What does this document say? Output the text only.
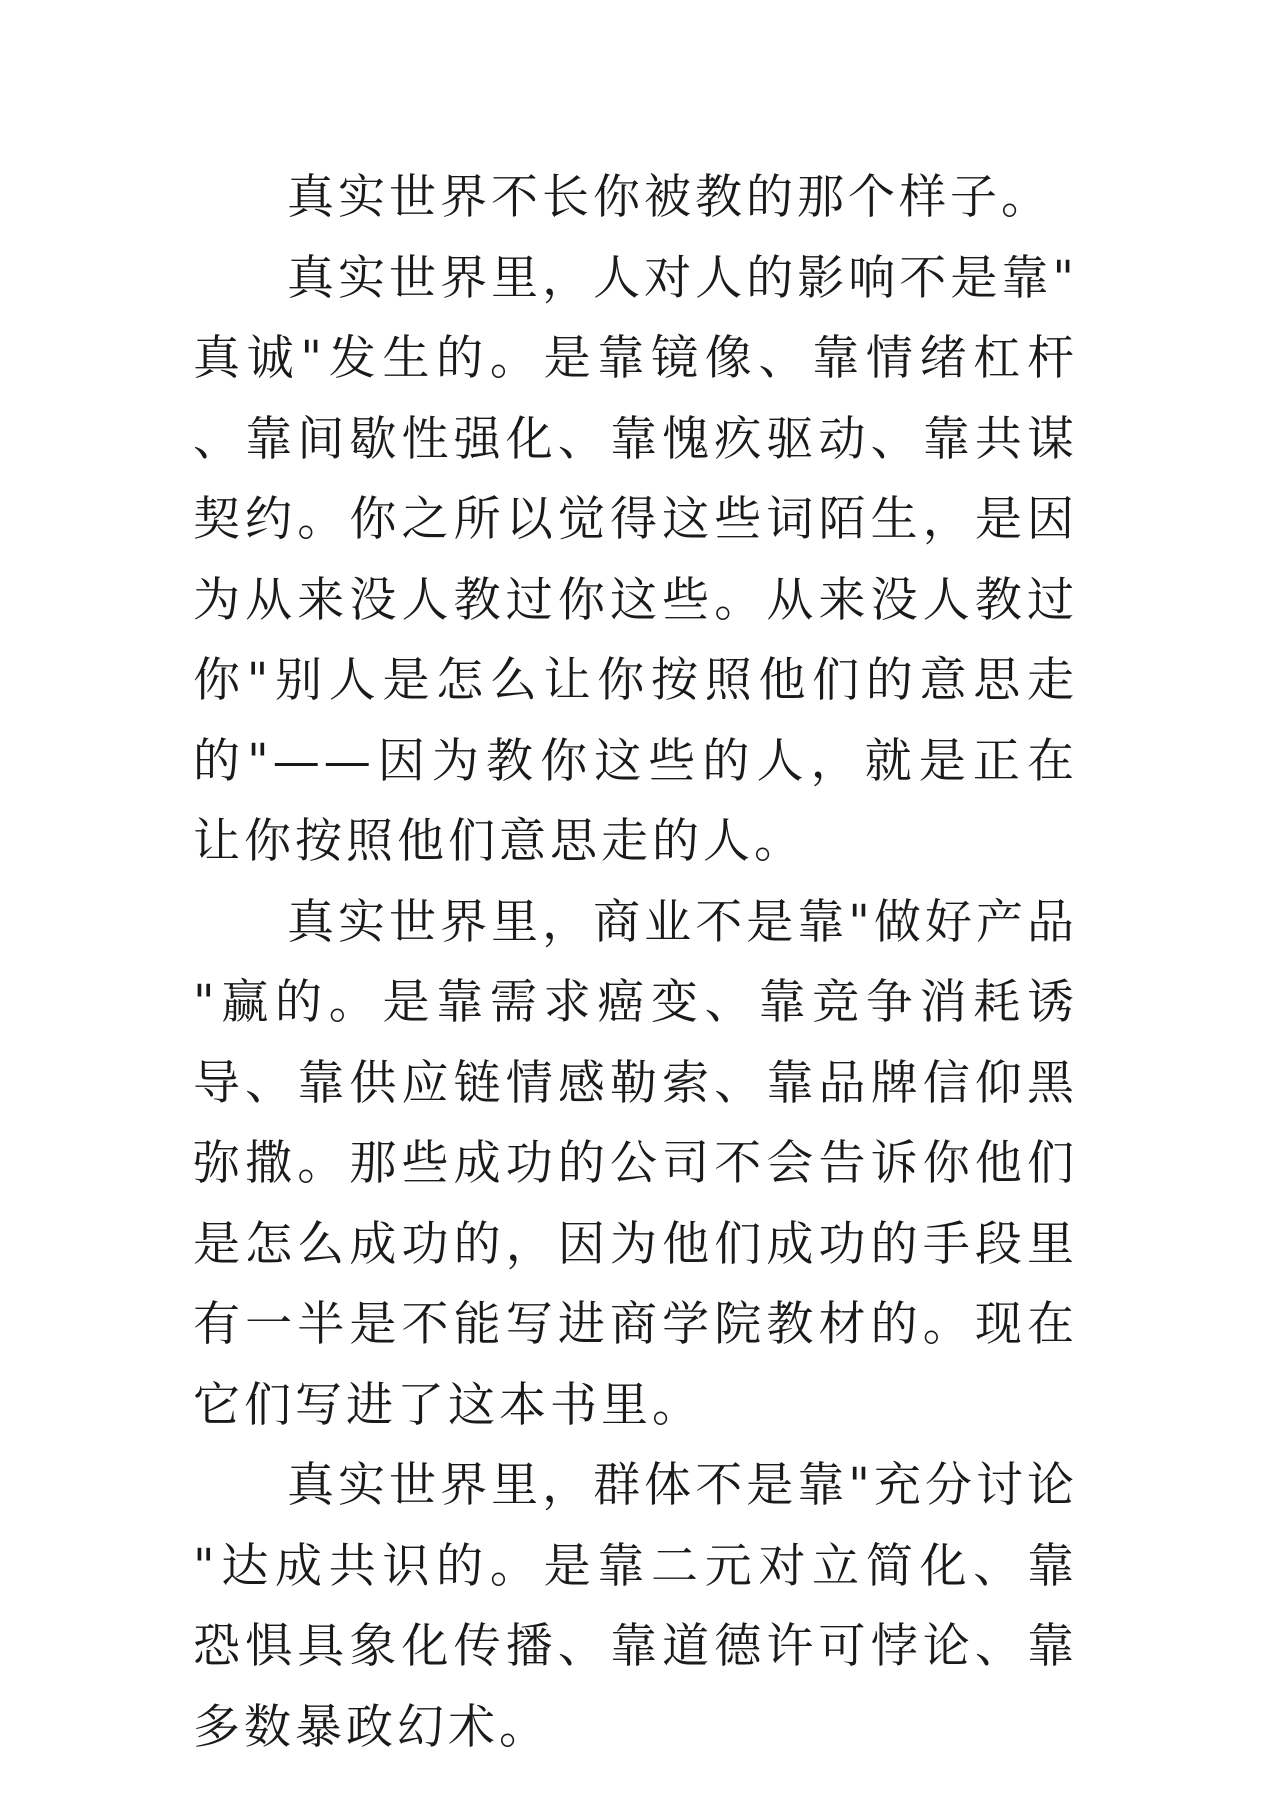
真实世界不长你被教的那个样子。

真实世界里，人对人的影响不是靠"真诚"发生的。是靠镜像、靠情绪杠杆、靠间歇性强化、靠愧疚驱动、靠共谋契约。你之所以觉得这些词陌生，是因为从来没人教过你这些。从来没人教过你"别人是怎么让你按照他们的意思走的"——因为教你这些的人，就是正在让你按照他们意思走的人。

真实世界里，商业不是靠"做好产品"赢的。是靠需求癌变、靠竞争消耗诱导、靠供应链情感勒索、靠品牌信仰黑弥撒。那些成功的公司不会告诉你他们是怎么成功的，因为他们成功的手段里有一半是不能写进商学院教材的。现在它们写进了这本书里。

真实世界里，群体不是靠"充分讨论"达成共识的。是靠二元对立简化、靠恐惧具象化传播、靠道德许可悖论、靠多数暴政幻术。
